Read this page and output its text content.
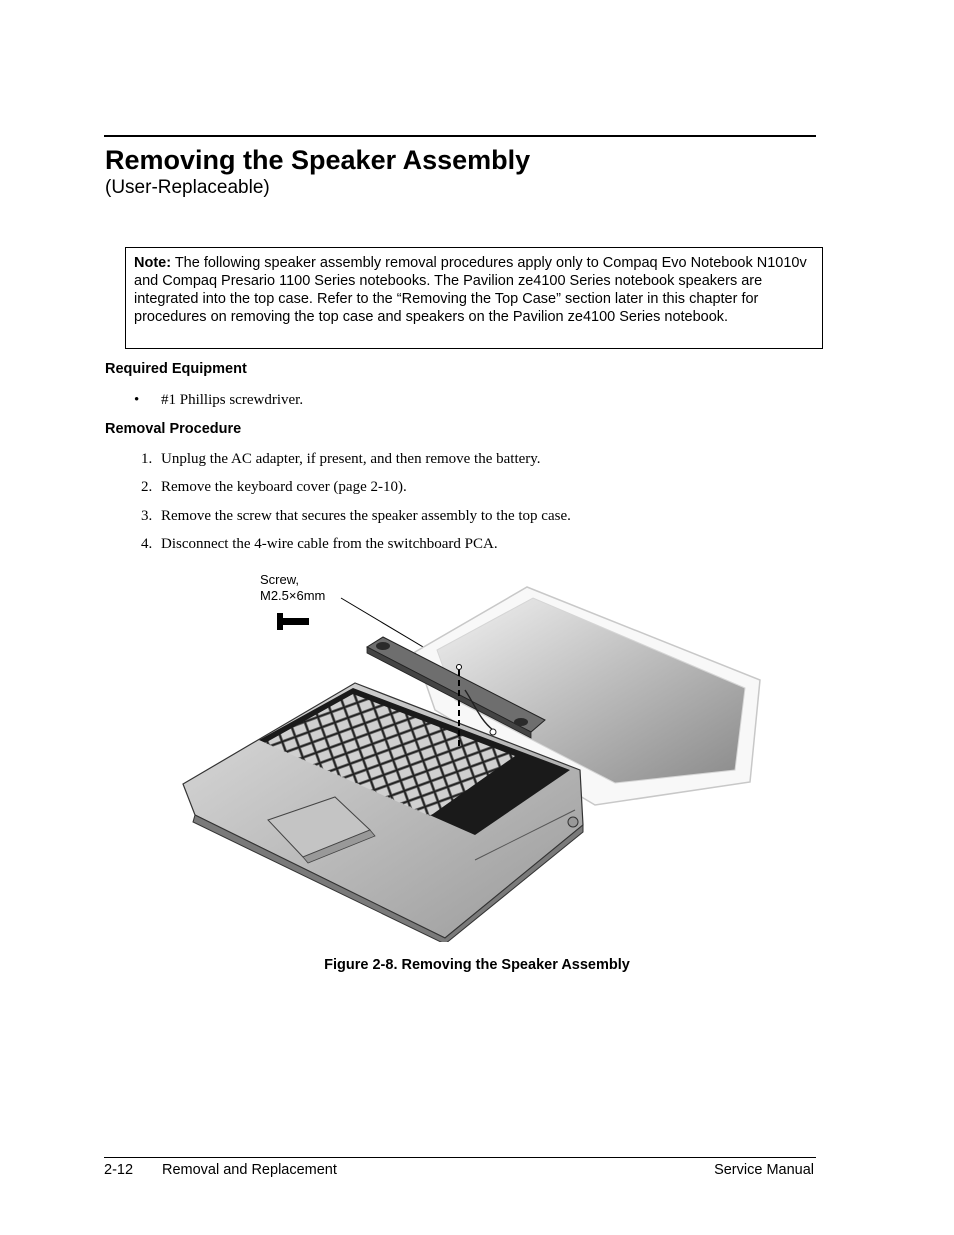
Removing the Speaker Assembly
(User-Replaceable)
Note: The following speaker assembly removal procedures apply only to Compaq Evo Notebook N1010v and Compaq Presario 1100 Series notebooks. The Pavilion ze4100 Series notebook speakers are integrated into the top case. Refer to the “Removing the Top Case” section later in this chapter for procedures on removing the top case and speakers on the Pavilion ze4100 Series notebook.
Required Equipment
• #1 Phillips screwdriver.
Removal Procedure
1. Unplug the AC adapter, if present, and then remove the battery.
2. Remove the keyboard cover (page 2-10).
3. Remove the screw that secures the speaker assembly to the top case.
4. Disconnect the 4-wire cable from the switchboard PCA.
Screw,
M2.5×6mm
Figure 2-8. Removing the Speaker Assembly
2-12 Removal and Replacement	Service Manual
